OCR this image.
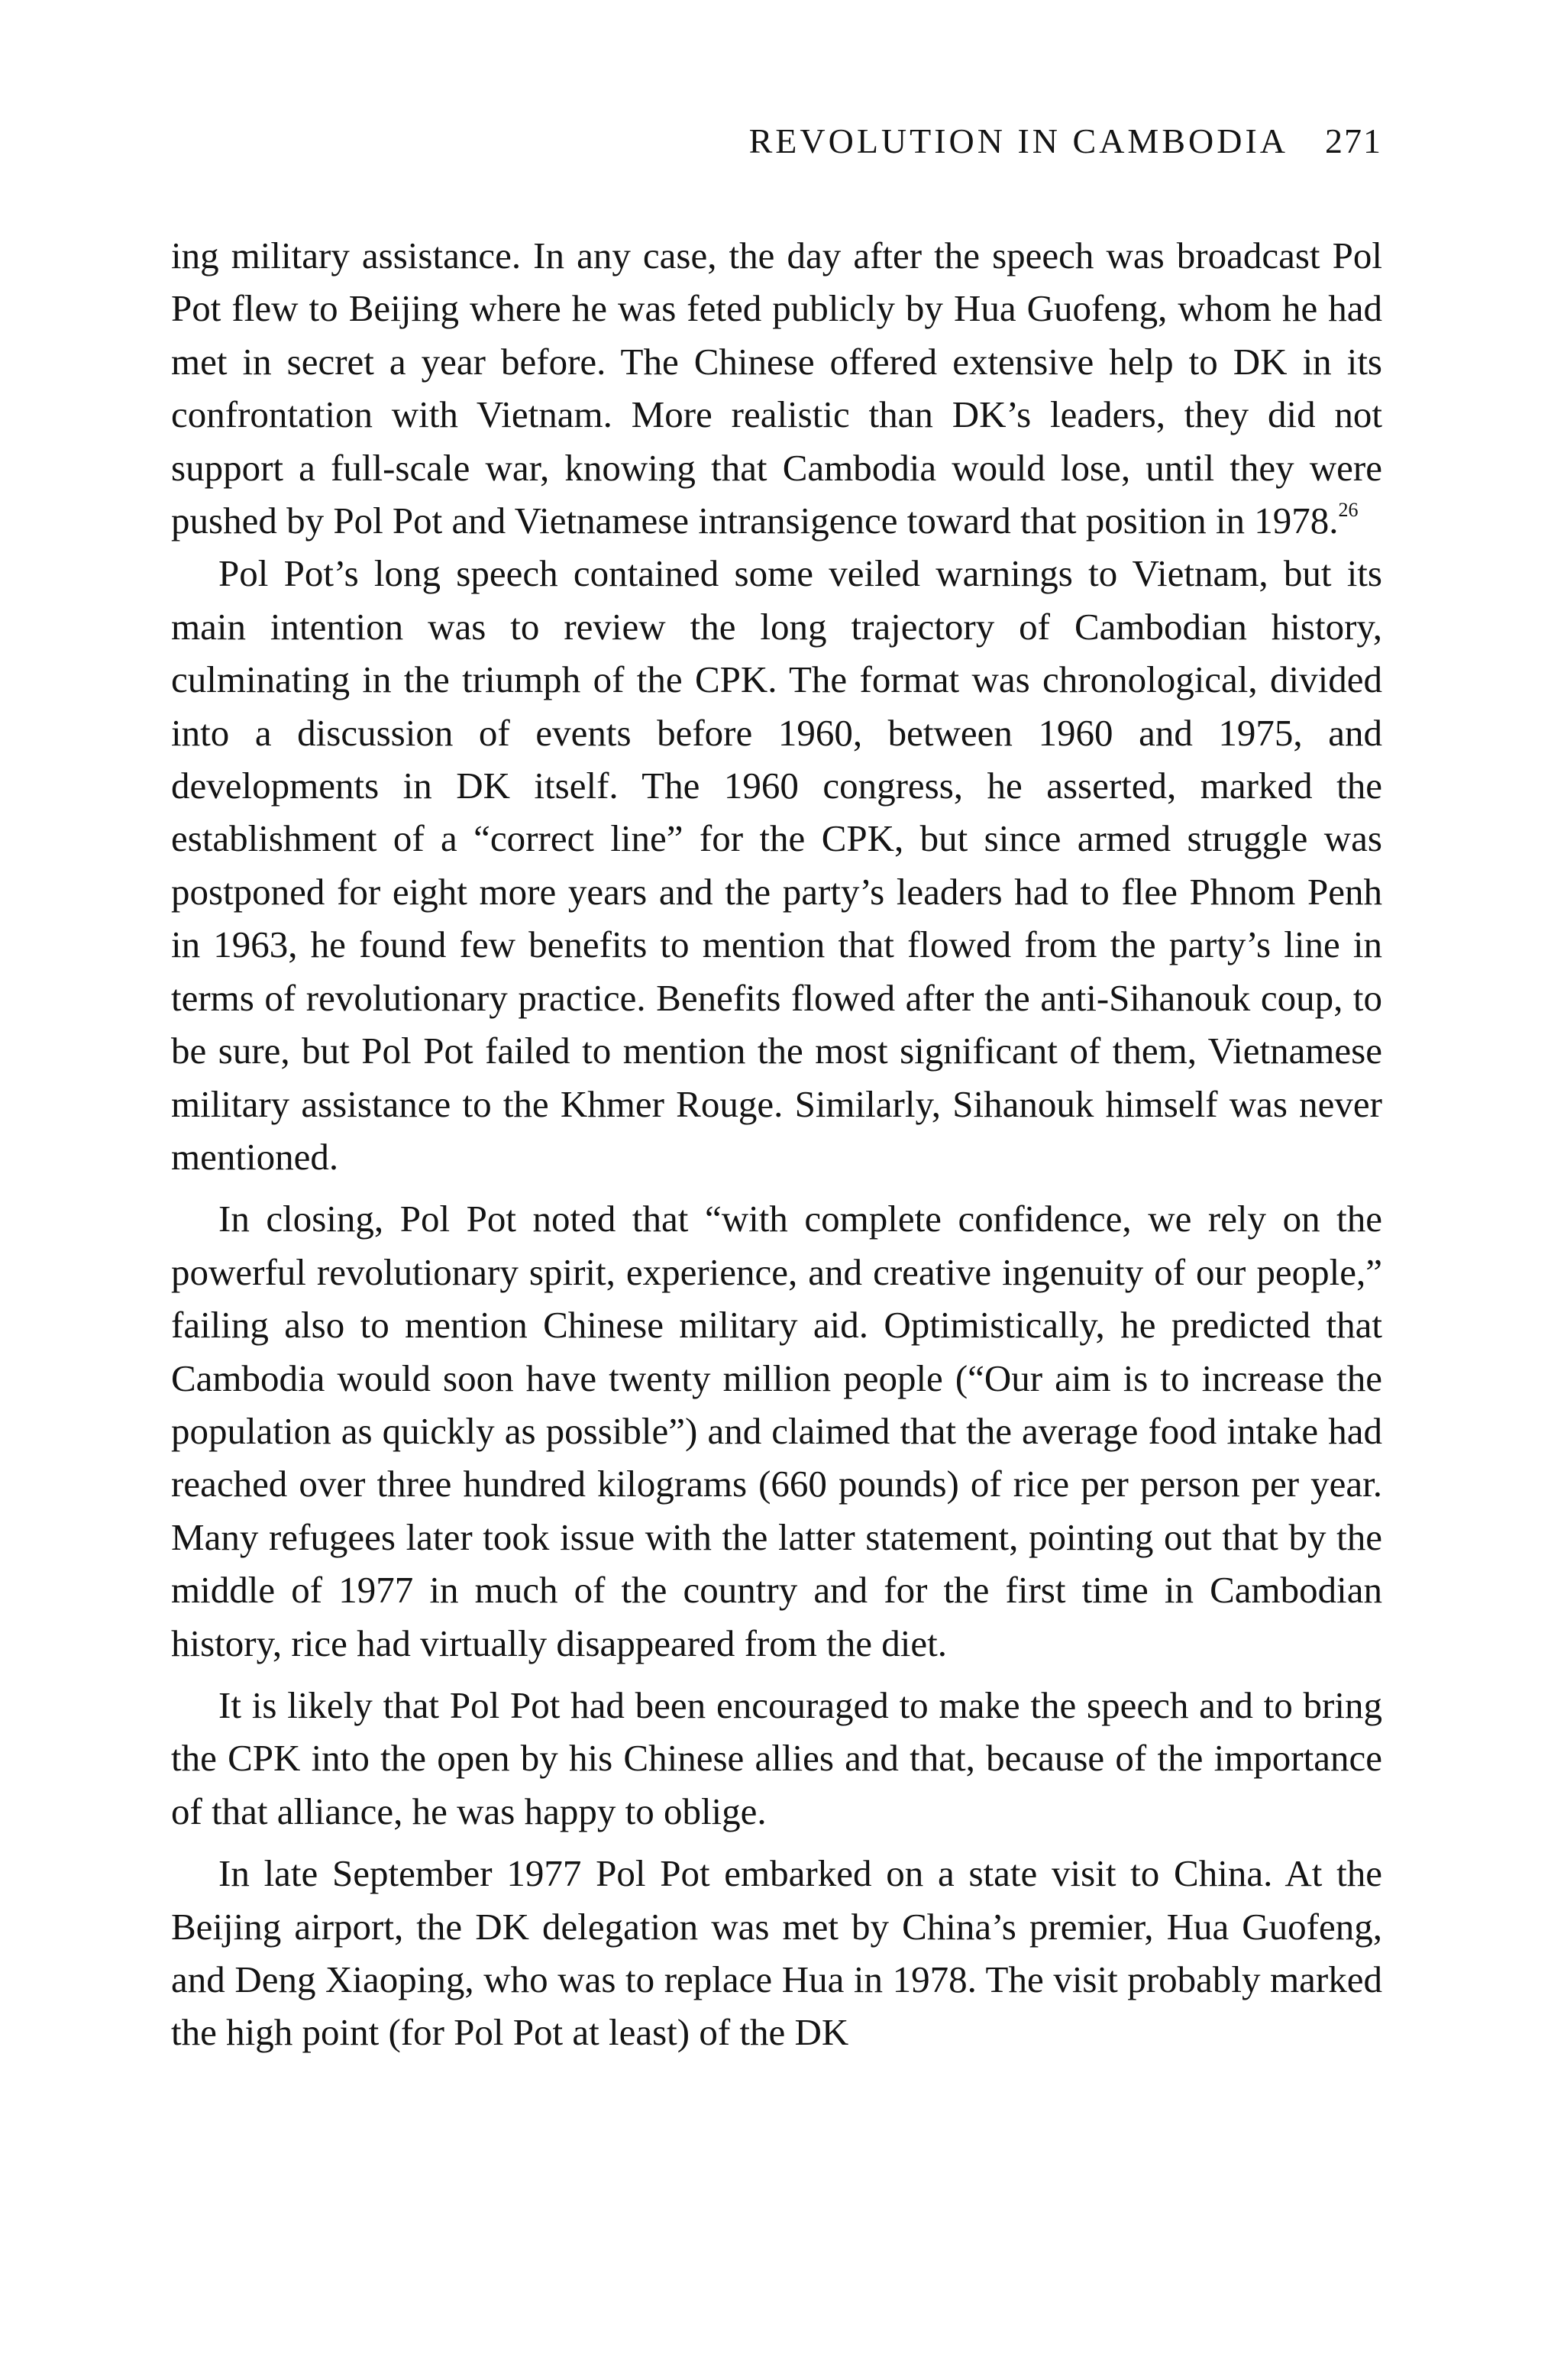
REVOLUTION IN CAMBODIA 271

ing military assistance. In any case, the day after the speech was broadcast Pol Pot flew to Beijing where he was feted publicly by Hua Guofeng, whom he had met in secret a year before. The Chinese offered extensive help to DK in its confrontation with Vietnam. More realistic than DK’s leaders, they did not support a full-scale war, knowing that Cambodia would lose, until they were pushed by Pol Pot and Vietnamese intransigence toward that position in 1978.26

Pol Pot’s long speech contained some veiled warnings to Vietnam, but its main intention was to review the long trajectory of Cambodian history, culminating in the triumph of the CPK. The format was chronological, divided into a discussion of events before 1960, between 1960 and 1975, and developments in DK itself. The 1960 congress, he asserted, marked the establishment of a “correct line” for the CPK, but since armed struggle was postponed for eight more years and the party’s leaders had to flee Phnom Penh in 1963, he found few benefits to mention that flowed from the party’s line in terms of revolutionary practice. Benefits flowed after the anti-Sihanouk coup, to be sure, but Pol Pot failed to mention the most significant of them, Vietnamese military assistance to the Khmer Rouge. Similarly, Sihanouk himself was never mentioned.

In closing, Pol Pot noted that “with complete confidence, we rely on the powerful revolutionary spirit, experience, and creative ingenuity of our people,” failing also to mention Chinese military aid. Optimistically, he predicted that Cambodia would soon have twenty million people (“Our aim is to increase the population as quickly as possible”) and claimed that the average food intake had reached over three hundred kilograms (660 pounds) of rice per person per year. Many refugees later took issue with the latter statement, pointing out that by the middle of 1977 in much of the country and for the first time in Cambodian history, rice had virtually disappeared from the diet.

It is likely that Pol Pot had been encouraged to make the speech and to bring the CPK into the open by his Chinese allies and that, because of the importance of that alliance, he was happy to oblige.

In late September 1977 Pol Pot embarked on a state visit to China. At the Beijing airport, the DK delegation was met by China’s premier, Hua Guofeng, and Deng Xiaoping, who was to replace Hua in 1978. The visit probably marked the high point (for Pol Pot at least) of the DK
